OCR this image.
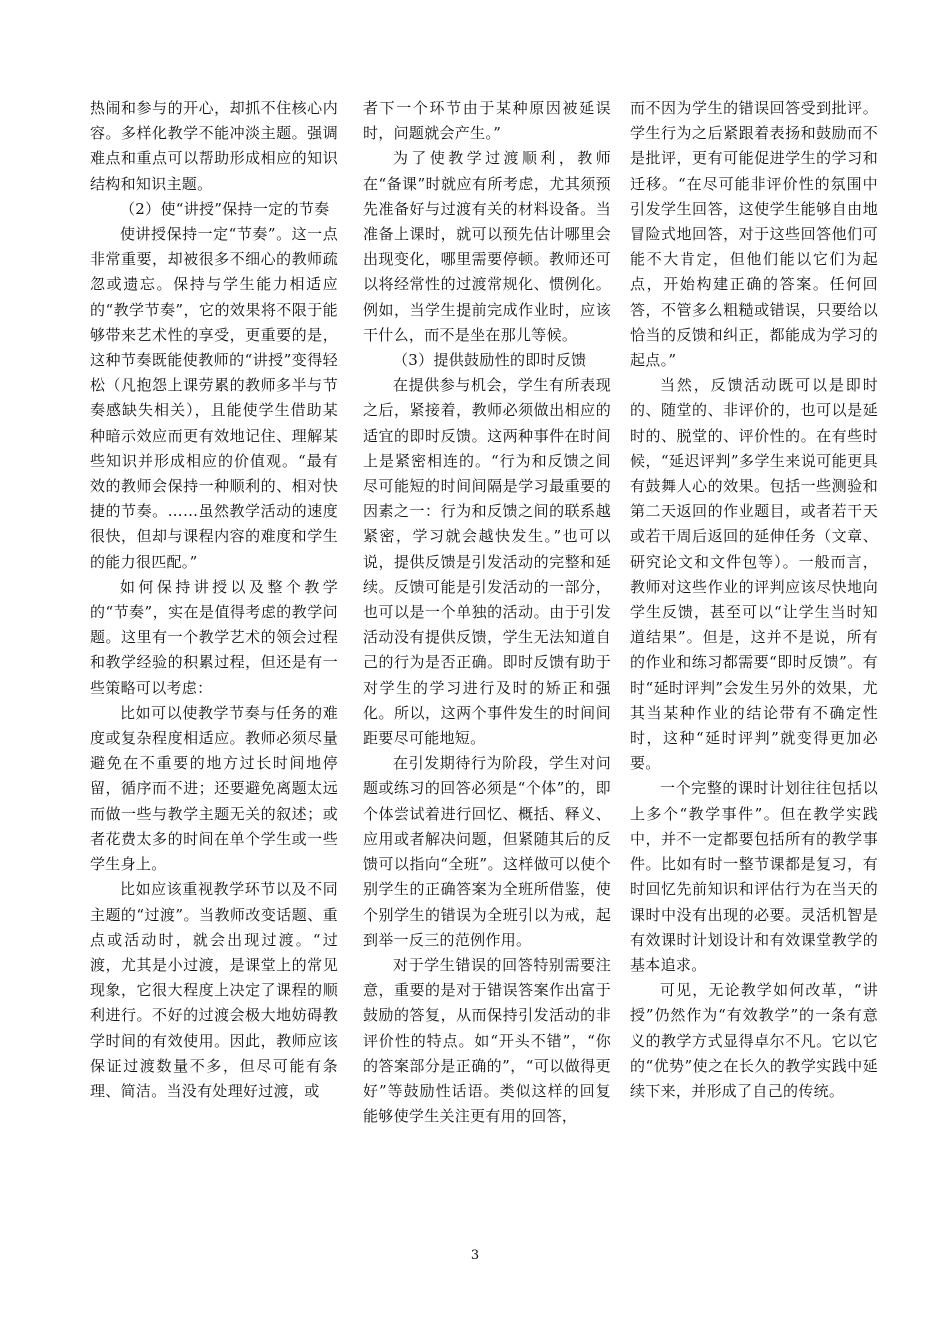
热闹和参与的开心，却抓不住核心内容。多样化教学不能冲淡主题。强调难点和重点可以帮助形成相应的知识结构和知识主题。

（2）使“讲授”保持一定的节奏

使讲授保持一定“节奏”。这一点非常重要，却被很多不细心的教师疏忽或遗忘。保持与学生能力相适应的“教学节奏”，它的效果将不限于能够带来艺术性的享受，更重要的是，这种节奏既能使教师的“讲授”变得轻松（凡抱怨上课劳累的教师多半与节奏感缺失相关），且能使学生借助某种暗示效应而更有效地记住、理解某些知识并形成相应的价值观。“最有效的教师会保持一种顺利的、相对快捷的节奏。……虽然教学活动的速度很快，但却与课程内容的难度和学生的能力很匹配。”

如何保持讲授以及整个教学的“节奏”，实在是值得考虑的教学问题。这里有一个教学艺术的领会过程和教学经验的积累过程，但还是有一些策略可以考虑：

比如可以使教学节奏与任务的难度或复杂程度相适应。教师必须尽量避免在不重要的地方过长时间地停留，循序而不进；还要避免离题太远而做一些与教学主题无关的叙述；或者花费太多的时间在单个学生或一些学生身上。

比如应该重视教学环节以及不同主题的“过渡”。当教师改变话题、重点或活动时，就会出现过渡。“过渡，尤其是小过渡，是课堂上的常见现象，它很大程度上决定了课程的顺利进行。不好的过渡会极大地妨碍教学时间的有效使用。因此，教师应该保证过渡数量不多，但尽可能有条理、简洁。当没有处理好过渡，或

者下一个环节由于某种原因被延误时，问题就会产生。”

为了使教学过渡顺利，教师在“备课”时就应有所考虑，尤其须预先准备好与过渡有关的材料设备。当准备上课时，就可以预先估计哪里会出现变化，哪里需要停顿。教师还可以将经常性的过渡常规化、惯例化。例如，当学生提前完成作业时，应该干什么，而不是坐在那儿等候。

（3）提供鼓励性的即时反馈

在提供参与机会，学生有所表现之后，紧接着，教师必须做出相应的适宜的即时反馈。这两种事件在时间上是紧密相连的。“行为和反馈之间尽可能短的时间间隔是学习最重要的因素之一：行为和反馈之间的联系越紧密，学习就会越快发生。”也可以说，提供反馈是引发活动的完整和延续。反馈可能是引发活动的一部分，也可以是一个单独的活动。由于引发活动没有提供反馈，学生无法知道自己的行为是否正确。即时反馈有助于对学生的学习进行及时的矫正和强化。所以，这两个事件发生的时间间距要尽可能地短。

在引发期待行为阶段，学生对问题或练习的回答必须是“个体”的，即个体尝试着进行回忆、概括、释义、应用或者解决问题，但紧随其后的反馈可以指向“全班”。这样做可以使个别学生的正确答案为全班所借鉴，使个别学生的错误为全班引以为戒，起到举一反三的范例作用。

对于学生错误的回答特别需要注意，重要的是对于错误答案作出富于鼓励的答复，从而保持引发活动的非评价性的特点。如“开头不错”，“你的答案部分是正确的”，“可以做得更好”等鼓励性话语。类似这样的回复能够使学生关注更有用的回答，

而不因为学生的错误回答受到批评。学生行为之后紧跟着表扬和鼓励而不是批评，更有可能促进学生的学习和迁移。“在尽可能非评价性的氛围中引发学生回答，这使学生能够自由地冒险式地回答，对于这些回答他们可能不大肯定，但他们能以它们为起点，开始构建正确的答案。任何回答，不管多么粗糙或错误，只要给以恰当的反馈和纠正，都能成为学习的起点。”

当然，反馈活动既可以是即时的、随堂的、非评价的，也可以是延时的、脱堂的、评价性的。在有些时候，“延迟评判”多学生来说可能更具有鼓舞人心的效果。包括一些测验和第二天返回的作业题目，或者若干天或若干周后返回的延伸任务（文章、研究论文和文件包等）。一般而言，教师对这些作业的评判应该尽快地向学生反馈，甚至可以“让学生当时知道结果”。但是，这并不是说，所有的作业和练习都需要“即时反馈”。有时“延时评判”会发生另外的效果，尤其当某种作业的结论带有不确定性时，这种“延时评判”就变得更加必要。

一个完整的课时计划往往包括以上多个“教学事件”。但在教学实践中，并不一定都要包括所有的教学事件。比如有时一整节课都是复习，有时回忆先前知识和评估行为在当天的课时中没有出现的必要。灵活机智是有效课时计划设计和有效课堂教学的基本追求。

可见，无论教学如何改革，“讲授”仍然作为“有效教学”的一条有意义的教学方式显得卓尔不凡。它以它的“优势”使之在长久的教学实践中延续下来，并形成了自己的传统。

3
